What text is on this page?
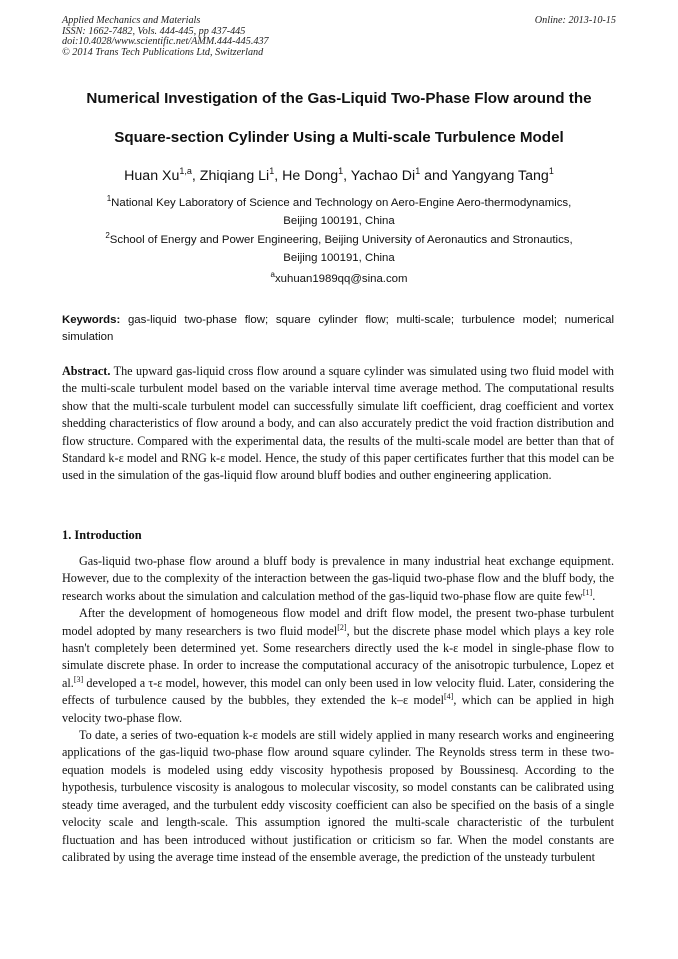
Applied Mechanics and Materials
ISSN: 1662-7482, Vols. 444-445, pp 437-445
doi:10.4028/www.scientific.net/AMM.444-445.437
© 2014 Trans Tech Publications Ltd, Switzerland
Online: 2013-10-15
Numerical Investigation of the Gas-Liquid Two-Phase Flow around the
Square-section Cylinder Using a Multi-scale Turbulence Model
Huan Xu$^{1,a}$, Zhiqiang Li$^1$, He Dong$^1$, Yachao Di$^1$ and Yangyang Tang$^1$
$^1$National Key Laboratory of Science and Technology on Aero-Engine Aero-thermodynamics,
Beijing 100191, China
$^2$School of Energy and Power Engineering, Beijing University of Aeronautics and Stronautics,
Beijing 100191, China
$^a$xuhuan1989qq@sina.com
Keywords: gas-liquid two-phase flow; square cylinder flow; multi-scale; turbulence model; numerical simulation
Abstract. The upward gas-liquid cross flow around a square cylinder was simulated using two fluid model with the multi-scale turbulent model based on the variable interval time average method. The computational results show that the multi-scale turbulent model can successfully simulate lift coefficient, drag coefficient and vortex shedding characteristics of flow around a body, and can also accurately predict the void fraction distribution and flow structure. Compared with the experimental data, the results of the multi-scale model are better than that of Standard k-ε model and RNG k-ε model. Hence, the study of this paper certificates further that this model can be used in the simulation of the gas-liquid flow around bluff bodies and outher engineering application.
1. Introduction

Gas-liquid two-phase flow around a bluff body is prevalence in many industrial heat exchange equipment. However, due to the complexity of the interaction between the gas-liquid two-phase flow and the bluff body, the research works about the simulation and calculation method of the gas-liquid two-phase flow are quite few[1].

After the development of homogeneous flow model and drift flow model, the present two-phase turbulent model adopted by many researchers is two fluid model[2], but the discrete phase model which plays a key role hasn't completely been determined yet. Some researchers directly used the k-ε model in single-phase flow to simulate discrete phase. In order to increase the computational accuracy of the anisotropic turbulence, Lopez et al.[3] developed a τ-ε model, however, this model can only been used in low velocity fluid. Later, considering the effects of turbulence caused by the bubbles, they extended the k–ε model[4], which can be applied in high velocity two-phase flow.

To date, a series of two-equation k-ε models are still widely applied in many research works and engineering applications of the gas-liquid two-phase flow around square cylinder. The Reynolds stress term in these two-equation models is modeled using eddy viscosity hypothesis proposed by Boussinesq. According to the hypothesis, turbulence viscosity is analogous to molecular viscosity, so model constants can be calibrated using steady time averaged, and the turbulent eddy viscosity coefficient can also be specified on the basis of a single velocity scale and length-scale. This assumption ignored the multi-scale characteristic of the turbulent fluctuation and has been introduced without justification or criticism so far. When the model constants are calibrated by using the average time instead of the ensemble average, the prediction of the unsteady turbulent
